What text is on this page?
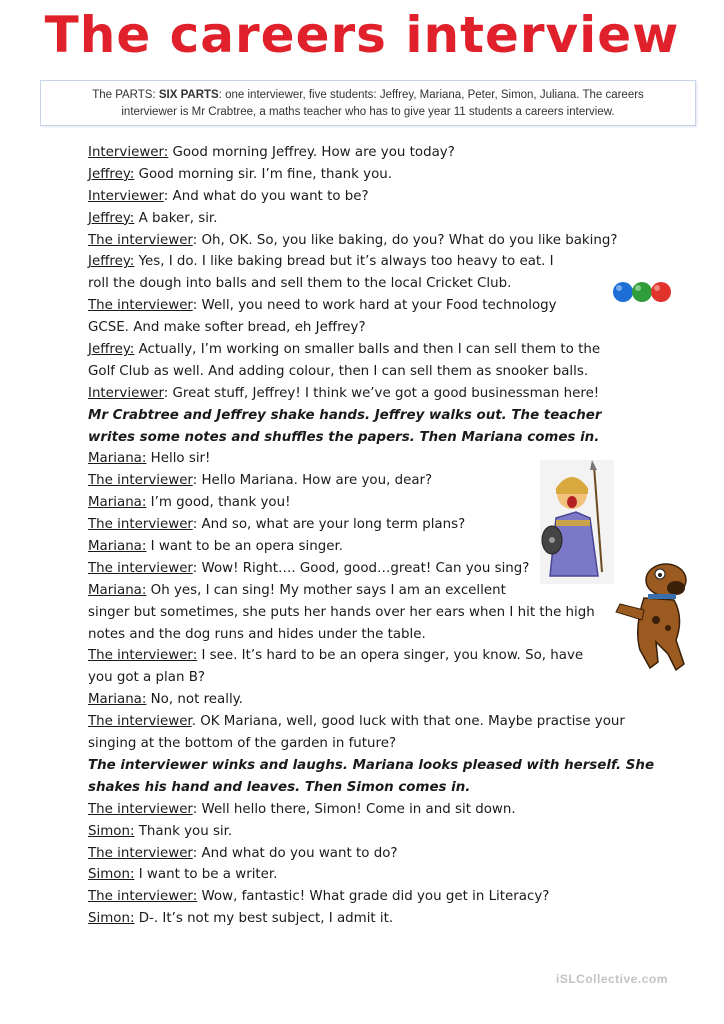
The careers interview
The PARTS: SIX PARTS: one interviewer, five students: Jeffrey, Mariana, Peter, Simon, Juliana. The careers
interviewer is Mr Crabtree, a maths teacher who has to give year 11 students a careers interview.
Interviewer: Good morning Jeffrey. How are you today?
Jeffrey: Good morning sir. I’m fine, thank you.
Interviewer: And what do you want to be?
Jeffrey: A baker, sir.
The interviewer: Oh, OK. So, you like baking, do you? What do you like baking?
Jeffrey: Yes, I do. I like baking bread but it’s always too heavy to eat. I
roll the dough into balls and sell them to the local Cricket Club.
The interviewer: Well, you need to work hard at your Food technology
GCSE. And make softer bread, eh Jeffrey?
Jeffrey: Actually, I’m working on smaller balls and then I can sell them to the
Golf Club as well. And adding colour, then I can sell them as snooker balls.
Interviewer: Great stuff, Jeffrey! I think we’ve got a good businessman here!
Mr Crabtree and Jeffrey shake hands. Jeffrey walks out. The teacher
writes some notes and shuffles the papers. Then Mariana comes in.
Mariana: Hello sir!
The interviewer: Hello Mariana. How are you, dear?
Mariana: I’m good, thank you!
The interviewer: And so, what are your long term plans?
Mariana: I want to be an opera singer.
The interviewer: Wow! Right…. Good, good…great! Can you sing?
Mariana: Oh yes, I can sing! My mother says I am an excellent
singer but sometimes, she puts her hands over her ears when I hit the high
notes and the dog runs and hides under the table.
The interviewer: I see. It’s hard to be an opera singer, you know. So, have
you got a plan B?
Mariana: No, not really.
The interviewer. OK Mariana, well, good luck with that one. Maybe practise your
singing at the bottom of the garden in future?
The interviewer winks and laughs. Mariana looks pleased with herself. She
shakes his hand and leaves. Then Simon comes in.
The interviewer: Well hello there, Simon! Come in and sit down.
Simon: Thank you sir.
The interviewer: And what do you want to do?
Simon: I want to be a writer.
The interviewer: Wow, fantastic! What grade did you get in Literacy?
Simon: D-. It’s not my best subject, I admit it.
iSLCollective.com
